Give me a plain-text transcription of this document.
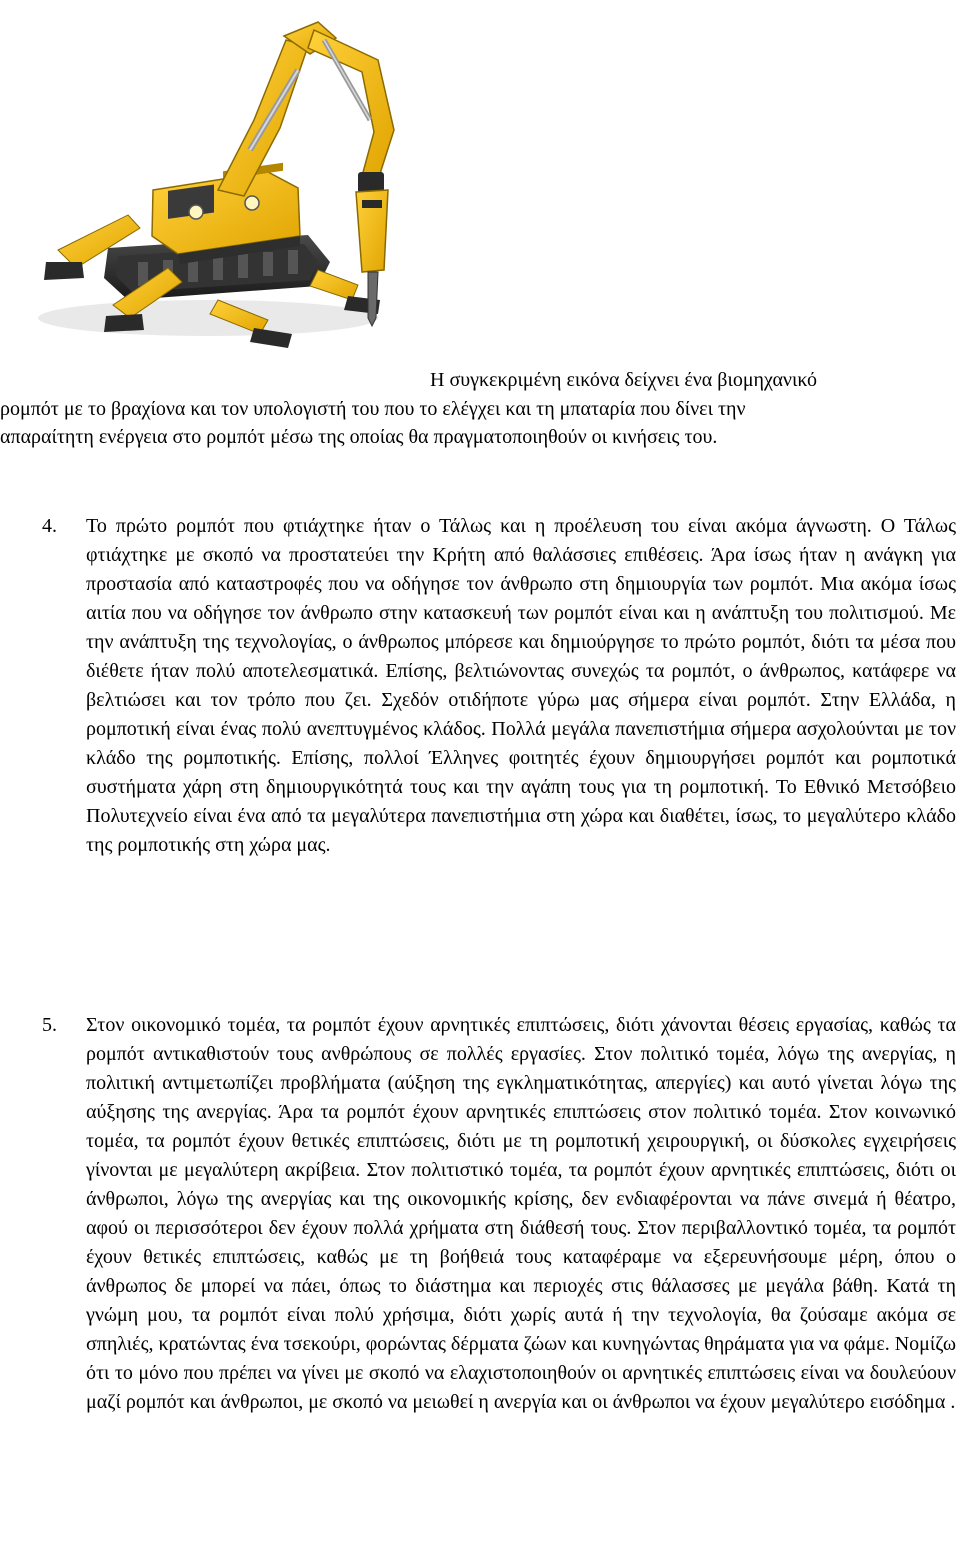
Η συγκεκριμένη εικόνα δείχνει ένα βιομηχανικό
ρομπότ με το βραχίονα και τον υπολογιστή του που το ελέγχει και τη μπαταρία που δίνει την
απαραίτητη ενέργεια στο ρομπότ μέσω της οποίας θα πραγματοποιηθούν οι κινήσεις του.
4. Το πρώτο ρομπότ που φτιάχτηκε ήταν ο Τάλως και η προέλευση του είναι ακόμα άγνωστη. Ο Τάλως φτιάχτηκε με σκοπό να προστατεύει την Κρήτη από θαλάσσιες επιθέσεις. Άρα ίσως ήταν η ανάγκη για προστασία από καταστροφές που να οδήγησε τον άνθρωπο στη δημιουργία των ρομπότ. Μια ακόμα ίσως αιτία που να οδήγησε τον άνθρωπο στην κατασκευή των ρομπότ είναι και η ανάπτυξη του πολιτισμού. Με την ανάπτυξη της τεχνολογίας, ο άνθρωπος μπόρεσε και δημιούργησε το πρώτο ρομπότ, διότι τα μέσα που διέθετε ήταν πολύ αποτελεσματικά. Επίσης, βελτιώνοντας συνεχώς τα ρομπότ, ο άνθρωπος, κατάφερε να βελτιώσει και τον τρόπο που ζει. Σχεδόν οτιδήποτε γύρω μας σήμερα είναι ρομπότ. Στην Ελλάδα, η ρομποτική είναι ένας πολύ ανεπτυγμένος κλάδος. Πολλά μεγάλα πανεπιστήμια σήμερα ασχολούνται με τον κλάδο της ρομποτικής. Επίσης, πολλοί Έλληνες φοιτητές έχουν δημιουργήσει ρομπότ και ρομποτικά συστήματα χάρη στη δημιουργικότητά τους και την αγάπη τους για τη ρομποτική. Το Εθνικό Μετσόβειο Πολυτεχνείο είναι ένα από τα μεγαλύτερα πανεπιστήμια στη χώρα και διαθέτει, ίσως, το μεγαλύτερο κλάδο της ρομποτικής στη χώρα μας.
5. Στον οικονομικό τομέα, τα ρομπότ έχουν αρνητικές επιπτώσεις, διότι χάνονται θέσεις εργασίας, καθώς τα ρομπότ αντικαθιστούν τους ανθρώπους σε πολλές εργασίες. Στον πολιτικό τομέα, λόγω της ανεργίας, η πολιτική αντιμετωπίζει προβλήματα (αύξηση της εγκληματικότητας, απεργίες) και αυτό γίνεται λόγω της αύξησης της ανεργίας. Άρα τα ρομπότ έχουν αρνητικές επιπτώσεις στον πολιτικό τομέα. Στον κοινωνικό τομέα, τα ρομπότ έχουν θετικές επιπτώσεις, διότι με τη ρομποτική χειρουργική, οι δύσκολες εγχειρήσεις γίνονται με μεγαλύτερη ακρίβεια. Στον πολιτιστικό τομέα, τα ρομπότ έχουν αρνητικές επιπτώσεις, διότι οι άνθρωποι, λόγω της ανεργίας και της οικονομικής κρίσης, δεν ενδιαφέρονται να πάνε σινεμά ή θέατρο, αφού οι περισσότεροι δεν έχουν πολλά χρήματα στη διάθεσή τους. Στον περιβαλλοντικό τομέα, τα ρομπότ έχουν θετικές επιπτώσεις, καθώς με τη βοήθειά τους καταφέραμε να εξερευνήσουμε μέρη, όπου ο άνθρωπος δε μπορεί να πάει, όπως το διάστημα και περιοχές στις θάλασσες με μεγάλα βάθη. Κατά τη γνώμη μου, τα ρομπότ είναι πολύ χρήσιμα, διότι χωρίς αυτά ή την τεχνολογία, θα ζούσαμε ακόμα σε σπηλιές, κρατώντας ένα τσεκούρι, φορώντας δέρματα ζώων και κυνηγώντας θηράματα για να φάμε. Νομίζω ότι το μόνο που πρέπει να γίνει με σκοπό να ελαχιστοποιηθούν οι αρνητικές επιπτώσεις είναι να δουλεύουν μαζί ρομπότ και άνθρωποι, με σκοπό να μειωθεί η ανεργία και οι άνθρωποι να έχουν μεγαλύτερο εισόδημα .
